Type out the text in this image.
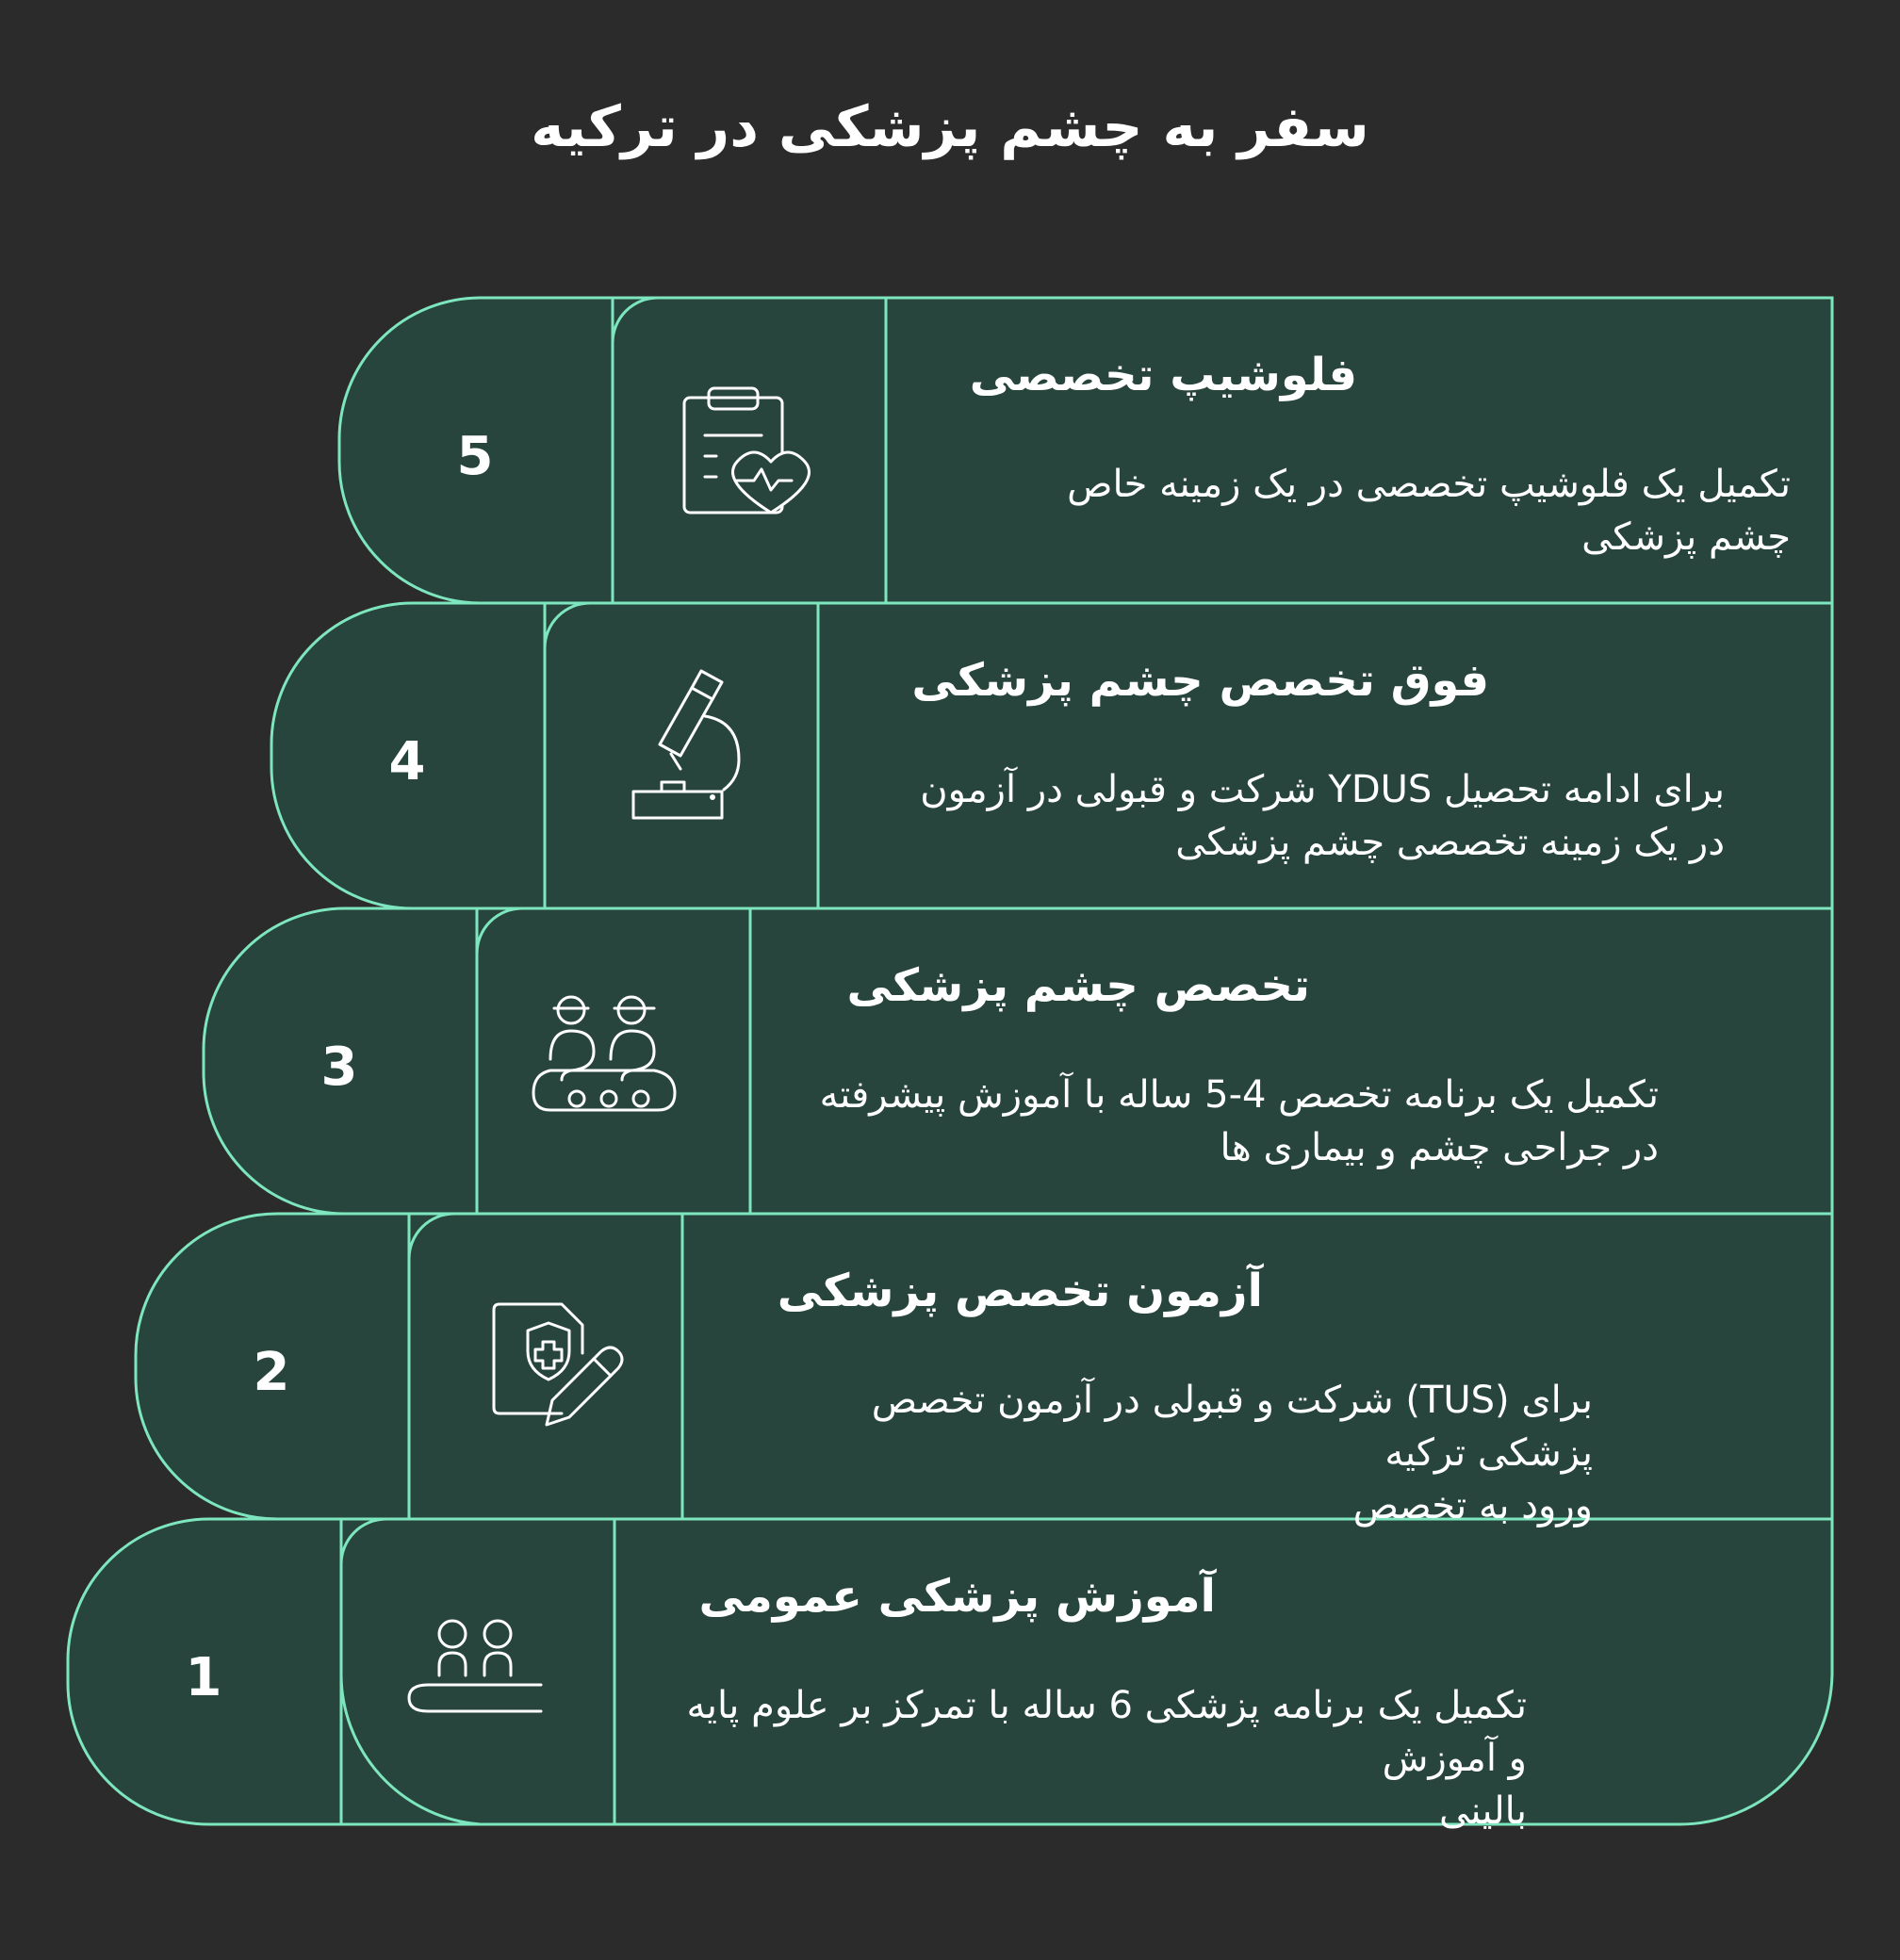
سفر به چشم پزشکی در ترکیه
5
4
3
2
1
فلوشیپ تخصصی
تکمیل یک فلوشیپ تخصصی در یک زمینه خاص
چشم پزشکی
فوق تخصص چشم پزشکی
برای ادامه تحصیل YDUS شرکت و قبولی در آزمون
در یک زمینه تخصصی چشم پزشکی
تخصص چشم پزشکی
تکمیل یک برنامه تخصص 4-5 ساله با آموزش پیشرفته
در جراحی چشم و بیماری ها
آزمون تخصص پزشکی
برای (TUS) شرکت و قبولی در آزمون تخصص پزشکی ترکیه
ورود به تخصص
آموزش پزشکی عمومی
تکمیل یک برنامه پزشکی 6 ساله با تمرکز بر علوم پایه و آموزش
بالینی
